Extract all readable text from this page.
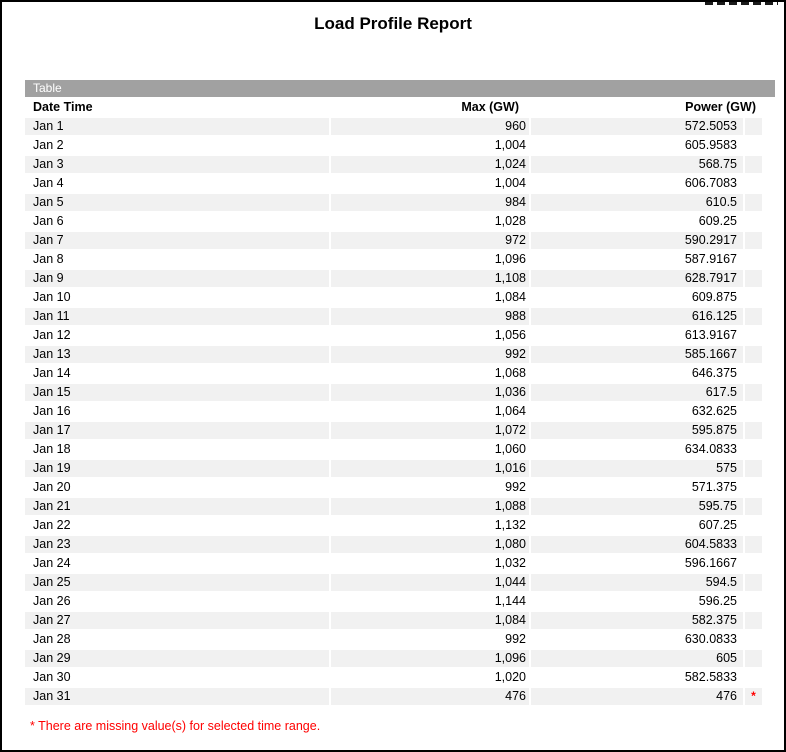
Load Profile Report
Table
Date Time	Max (GW)	Power (GW)	
Jan 1	960	572.5053	
Jan 2	1,004	605.9583	
Jan 3	1,024	568.75	
Jan 4	1,004	606.7083	
Jan 5	984	610.5	
Jan 6	1,028	609.25	
Jan 7	972	590.2917	
Jan 8	1,096	587.9167	
Jan 9	1,108	628.7917	
Jan 10	1,084	609.875	
Jan 11	988	616.125	
Jan 12	1,056	613.9167	
Jan 13	992	585.1667	
Jan 14	1,068	646.375	
Jan 15	1,036	617.5	
Jan 16	1,064	632.625	
Jan 17	1,072	595.875	
Jan 18	1,060	634.0833	
Jan 19	1,016	575	
Jan 20	992	571.375	
Jan 21	1,088	595.75	
Jan 22	1,132	607.25	
Jan 23	1,080	604.5833	
Jan 24	1,032	596.1667	
Jan 25	1,044	594.5	
Jan 26	1,144	596.25	
Jan 27	1,084	582.375	
Jan 28	992	630.0833	
Jan 29	1,096	605	
Jan 30	1,020	582.5833	
Jan 31	476	476	*
* There are missing value(s) for selected time range.
